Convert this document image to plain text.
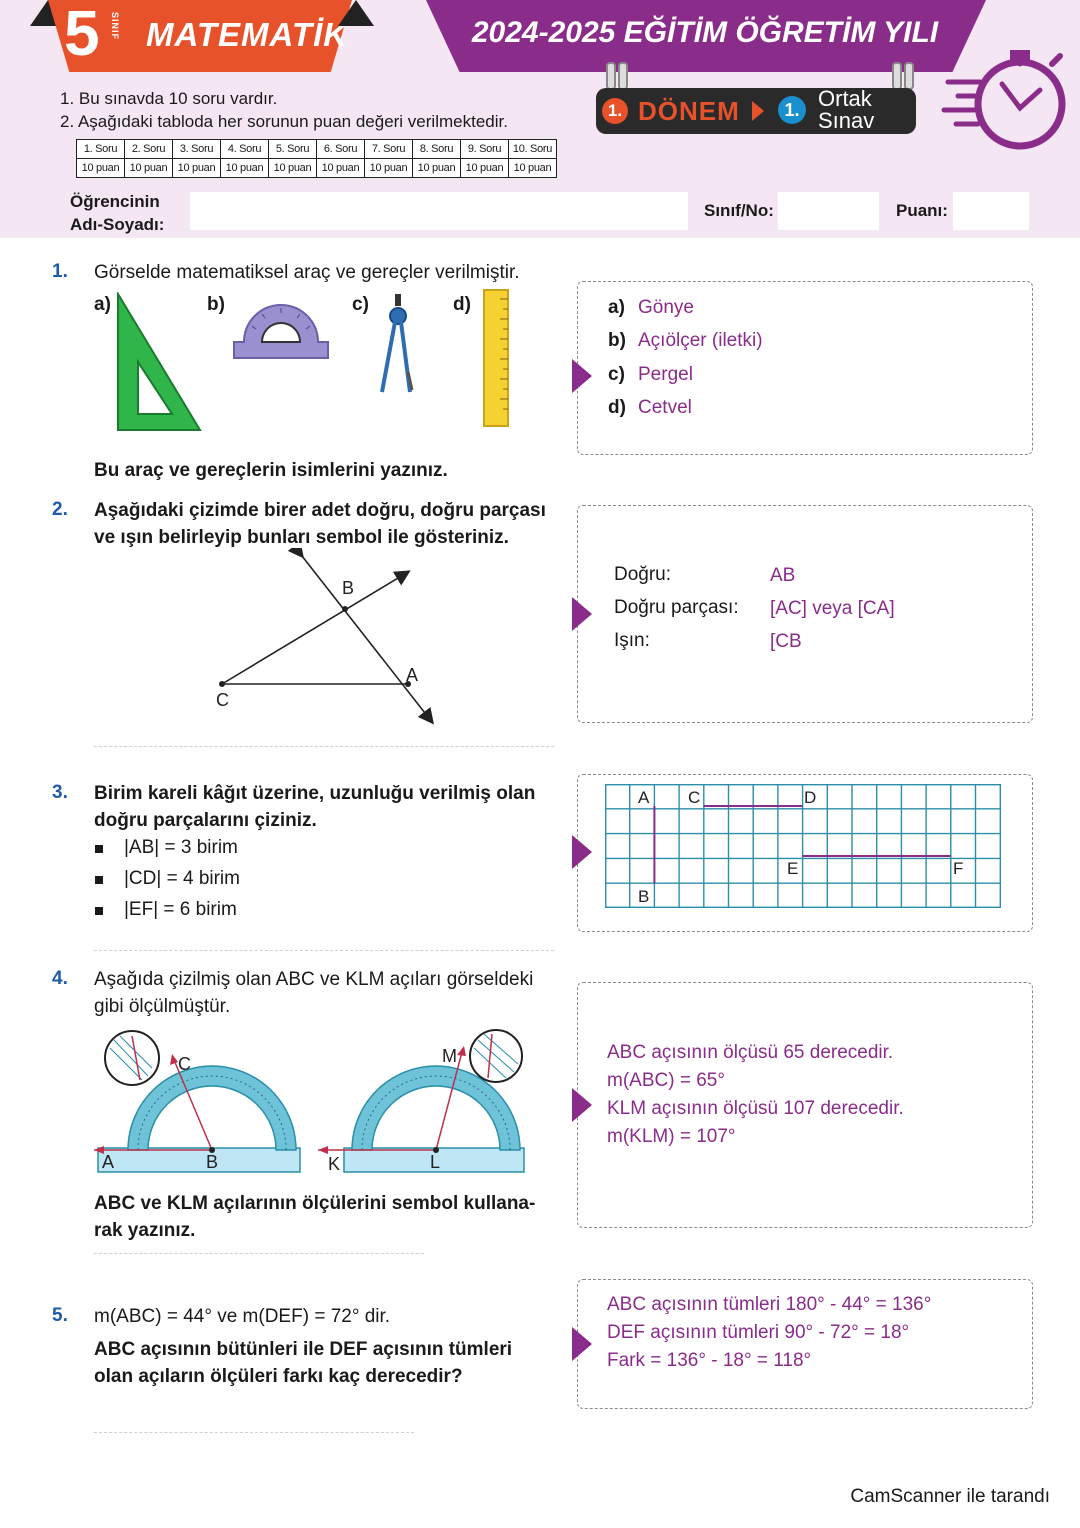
5 SINIF MATEMATİK	2024-2025 EĞİTİM ÖĞRETİM YILI
1. Bu sınavda 10 soru vardır.
2. Aşağıdaki tabloda her sorunun puan değeri verilmektedir.
1. Soru	2. Soru	3. Soru	4. Soru	5. Soru	6. Soru	7. Soru	8. Soru	9. Soru	10. Soru
10 puan	10 puan	10 puan	10 puan	10 puan	10 puan	10 puan	10 puan	10 puan	10 puan
1. DÖNEM	1. Ortak
Sınav
Öğrencinin
Adı-Soyadı:
Sınıf/No:	Puanı:
1. Görselde matematiksel araç ve gereçler verilmiştir.
a)	b)	c)	d)
Bu araç ve gereçlerin isimlerini yazınız.
a) Gönye
b) Açıölçer (iletki)
c) Pergel
d) Cetvel
2. Aşağıdaki çizimde birer adet doğru, doğru parçası
ve ışın belirleyip bunları sembol ile gösteriniz.
B
A
C
Doğru:	AB
Doğru parçası: [AC] veya [CA]
Işın:	[CB
3. Birim kareli kâğıt üzerine, uzunluğu verilmiş olan
doğru parçalarını çiziniz.
|AB| = 3 birim
|CD| = 4 birim
|EF| = 6 birim
A
B
C	D
E	F
4. Aşağıda çizilmiş olan ABC ve KLM açıları görseldeki
gibi ölçülmüştür.
C
A	B
M
K	L
ABC ve KLM açılarının ölçülerini sembol kullana-
rak yazınız.
ABC açısının ölçüsü 65 derecedir.
m(ABC) = 65°
KLM açısının ölçüsü 107 derecedir.
m(KLM) = 107°
5. m(ABC) = 44° ve m(DEF) = 72° dir.
ABC açısının bütünleri ile DEF açısının tümleri
olan açıların ölçüleri farkı kaç derecedir?
ABC açısının tümleri 180° - 44° = 136°
DEF açısının tümleri 90° - 72° = 18°
Fark = 136° - 18° = 118°
CamScanner ile tarandı
